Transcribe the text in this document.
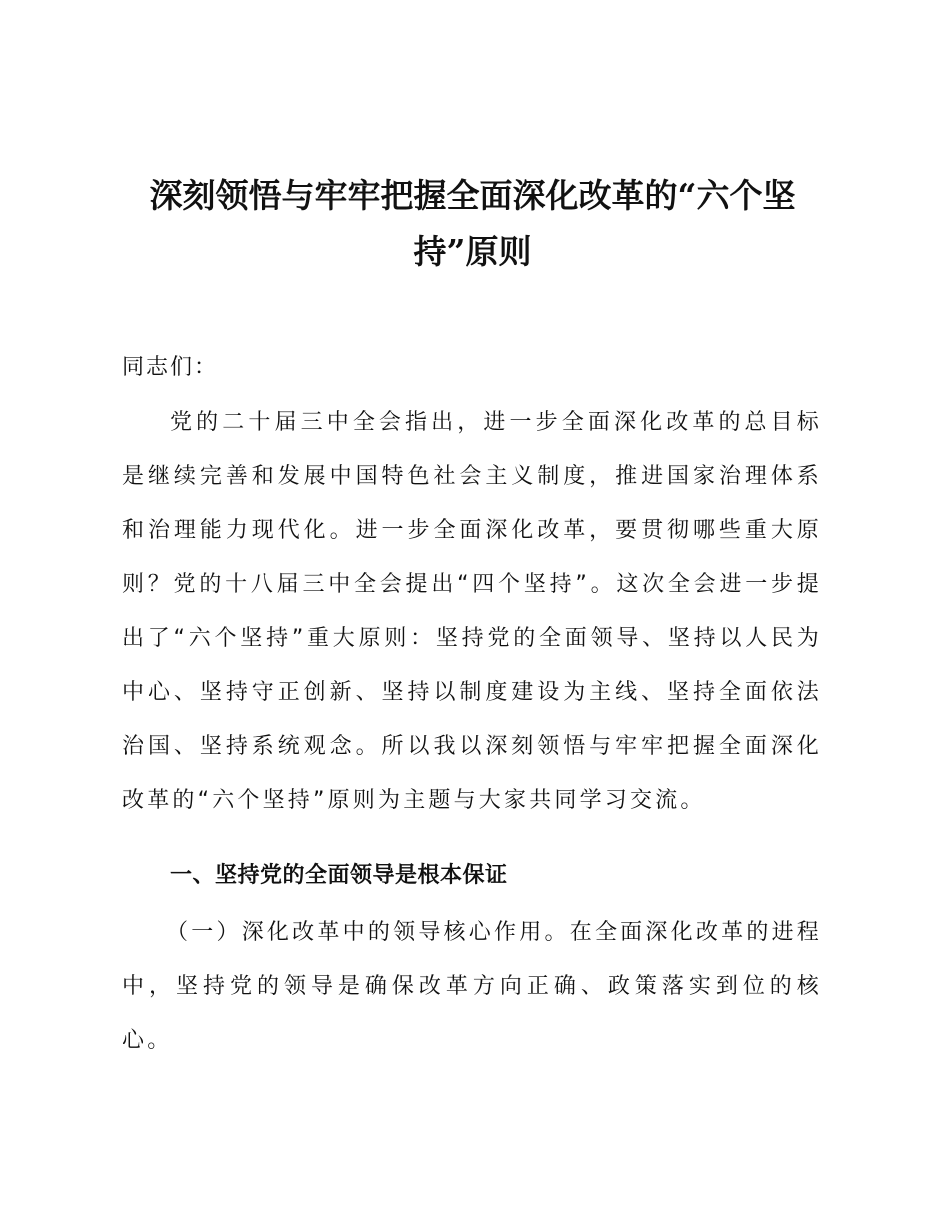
深刻领悟与牢牢把握全面深化改革的“六个坚持”原则

同志们：

党的二十届三中全会指出，进一步全面深化改革的总目标是继续完善和发展中国特色社会主义制度，推进国家治理体系和治理能力现代化。进一步全面深化改革，要贯彻哪些重大原则？党的十八届三中全会提出“四个坚持”。这次全会进一步提出了“六个坚持”重大原则：坚持党的全面领导、坚持以人民为中心、坚持守正创新、坚持以制度建设为主线、坚持全面依法治国、坚持系统观念。所以我以深刻领悟与牢牢把握全面深化改革的“六个坚持”原则为主题与大家共同学习交流。

一、坚持党的全面领导是根本保证

（一）深化改革中的领导核心作用。在全面深化改革的进程中，坚持党的领导是确保改革方向正确、政策落实到位的核心。
